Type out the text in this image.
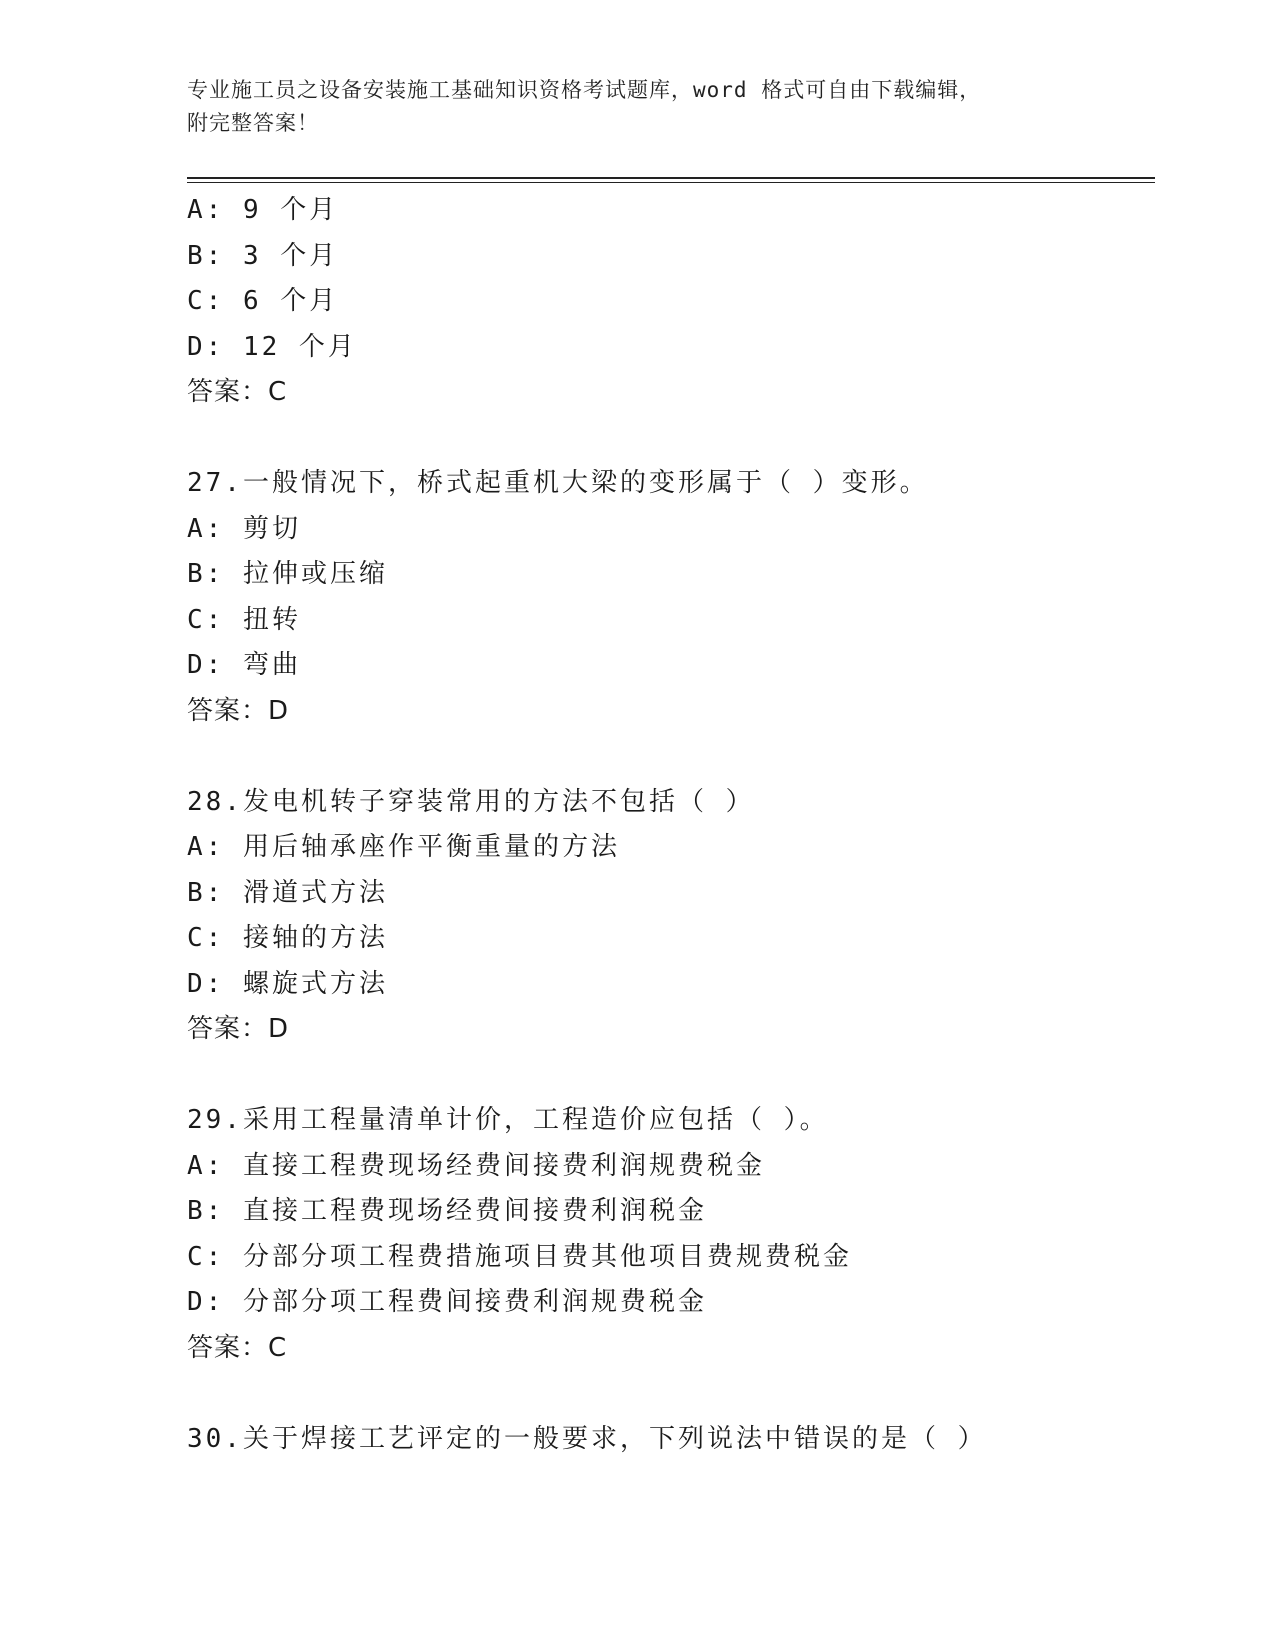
专业施工员之设备安装施工基础知识资格考试题库，word 格式可自由下载编辑，
附完整答案！
A: 9 个月
B: 3 个月
C: 6 个月
D: 12 个月
答案：C
27.一般情况下，桥式起重机大梁的变形属于（ ）变形。
A: 剪切
B: 拉伸或压缩
C: 扭转
D: 弯曲
答案：D
28.发电机转子穿装常用的方法不包括（ ）
A: 用后轴承座作平衡重量的方法
B: 滑道式方法
C: 接轴的方法
D: 螺旋式方法
答案：D
29.采用工程量清单计价，工程造价应包括（ ）。
A: 直接工程费现场经费间接费利润规费税金
B: 直接工程费现场经费间接费利润税金
C: 分部分项工程费措施项目费其他项目费规费税金
D: 分部分项工程费间接费利润规费税金
答案：C
30.关于焊接工艺评定的一般要求，下列说法中错误的是（ ）
